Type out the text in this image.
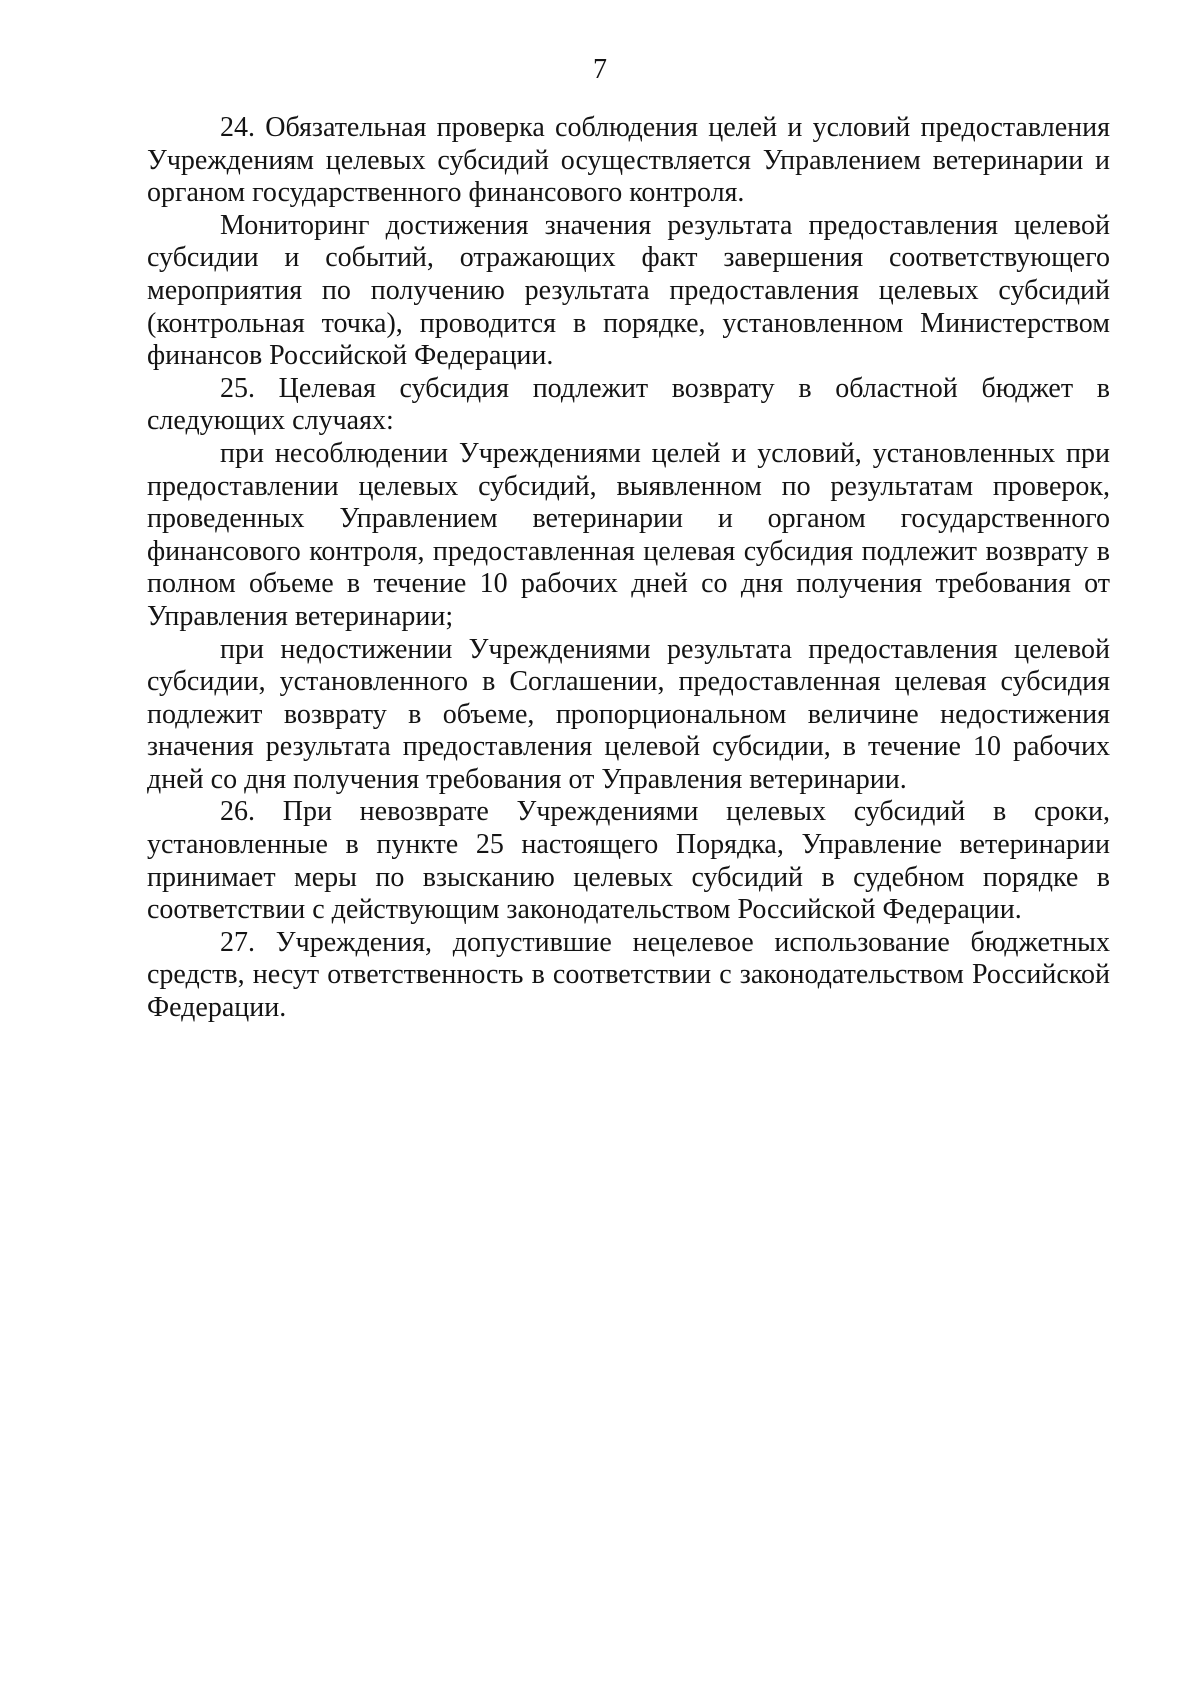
7

24. Обязательная проверка соблюдения целей и условий предоставления Учреждениям целевых субсидий осуществляется Управлением ветеринарии и органом государственного финансового контроля.

Мониторинг достижения значения результата предоставления целевой субсидии и событий, отражающих факт завершения соответствующего мероприятия по получению результата предоставления целевых субсидий (контрольная точка), проводится в порядке, установленном Министерством финансов Российской Федерации.

25. Целевая субсидия подлежит возврату в областной бюджет в следующих случаях:

при несоблюдении Учреждениями целей и условий, установленных при предоставлении целевых субсидий, выявленном по результатам проверок, проведенных Управлением ветеринарии и органом государственного финансового контроля, предоставленная целевая субсидия подлежит возврату в полном объеме в течение 10 рабочих дней со дня получения требования от Управления ветеринарии;

при недостижении Учреждениями результата предоставления целевой субсидии, установленного в Соглашении, предоставленная целевая субсидия подлежит возврату в объеме, пропорциональном величине недостижения значения результата предоставления целевой субсидии, в течение 10 рабочих дней со дня получения требования от Управления ветеринарии.

26. При невозврате Учреждениями целевых субсидий в сроки, установленные в пункте 25 настоящего Порядка, Управление ветеринарии принимает меры по взысканию целевых субсидий в судебном порядке в соответствии с действующим законодательством Российской Федерации.

27. Учреждения, допустившие нецелевое использование бюджетных средств, несут ответственность в соответствии с законодательством Российской Федерации.
